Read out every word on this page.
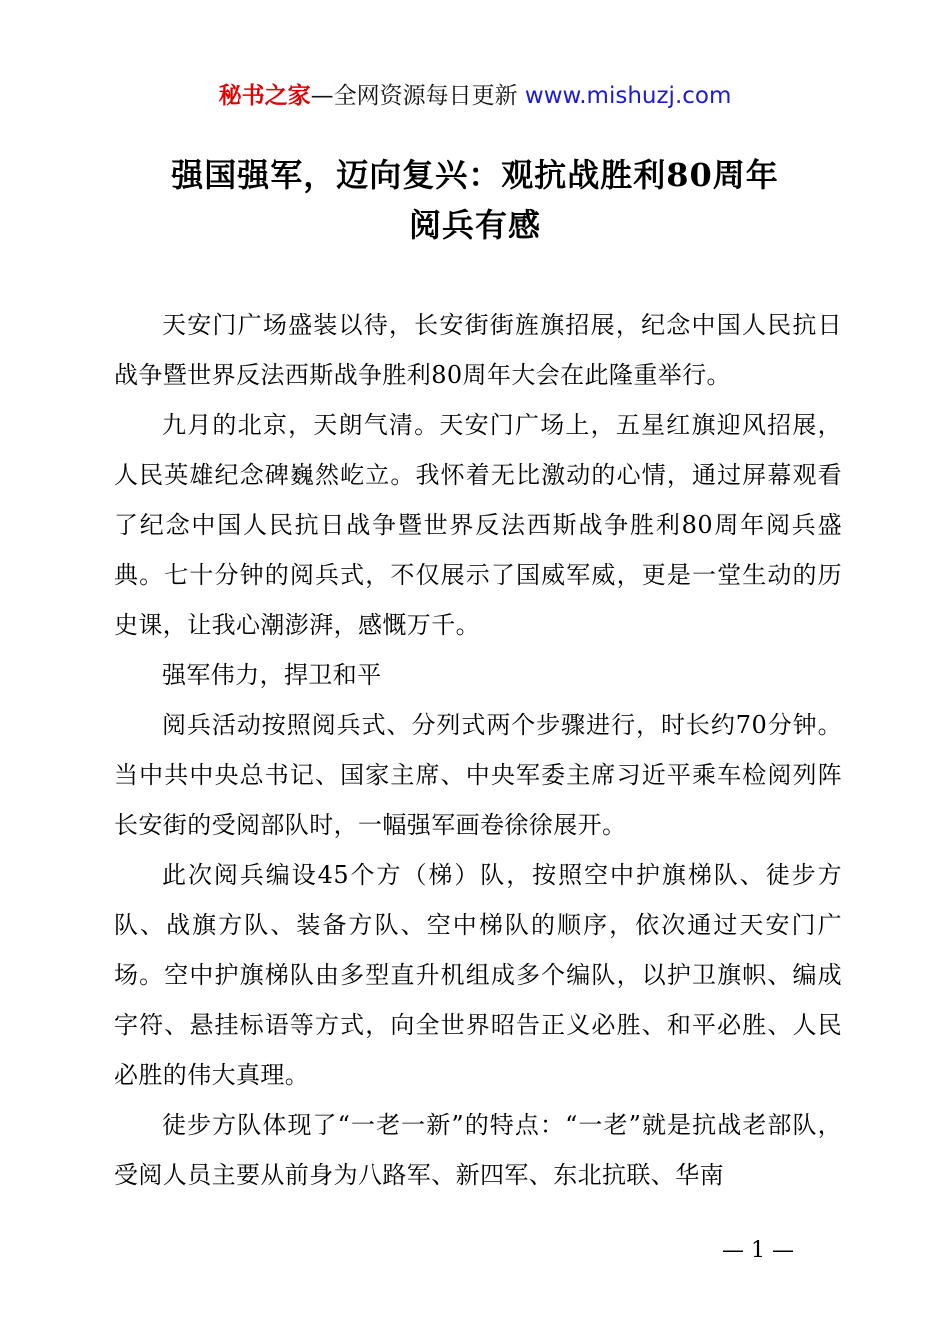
秘书之家—全网资源每日更新 www.mishuzj.com
强国强军，迈向复兴：观抗战胜利80周年
阅兵有感

天安门广场盛装以待，长安街街旌旗招展，纪念中国人民抗日战争暨世界反法西斯战争胜利80周年大会在此隆重举行。

九月的北京，天朗气清。天安门广场上，五星红旗迎风招展，人民英雄纪念碑巍然屹立。我怀着无比激动的心情，通过屏幕观看了纪念中国人民抗日战争暨世界反法西斯战争胜利80周年阅兵盛典。七十分钟的阅兵式，不仅展示了国威军威，更是一堂生动的历史课，让我心潮澎湃，感慨万千。

强军伟力，捍卫和平

阅兵活动按照阅兵式、分列式两个步骤进行，时长约70分钟。当中共中央总书记、国家主席、中央军委主席习近平乘车检阅列阵长安街的受阅部队时，一幅强军画卷徐徐展开。

此次阅兵编设45个方（梯）队，按照空中护旗梯队、徒步方队、战旗方队、装备方队、空中梯队的顺序，依次通过天安门广场。空中护旗梯队由多型直升机组成多个编队，以护卫旗帜、编成字符、悬挂标语等方式，向全世界昭告正义必胜、和平必胜、人民必胜的伟大真理。

徒步方队体现了“一老一新”的特点：“一老”就是抗战老部队，受阅人员主要从前身为八路军、新四军、东北抗联、华南

— 1 —
